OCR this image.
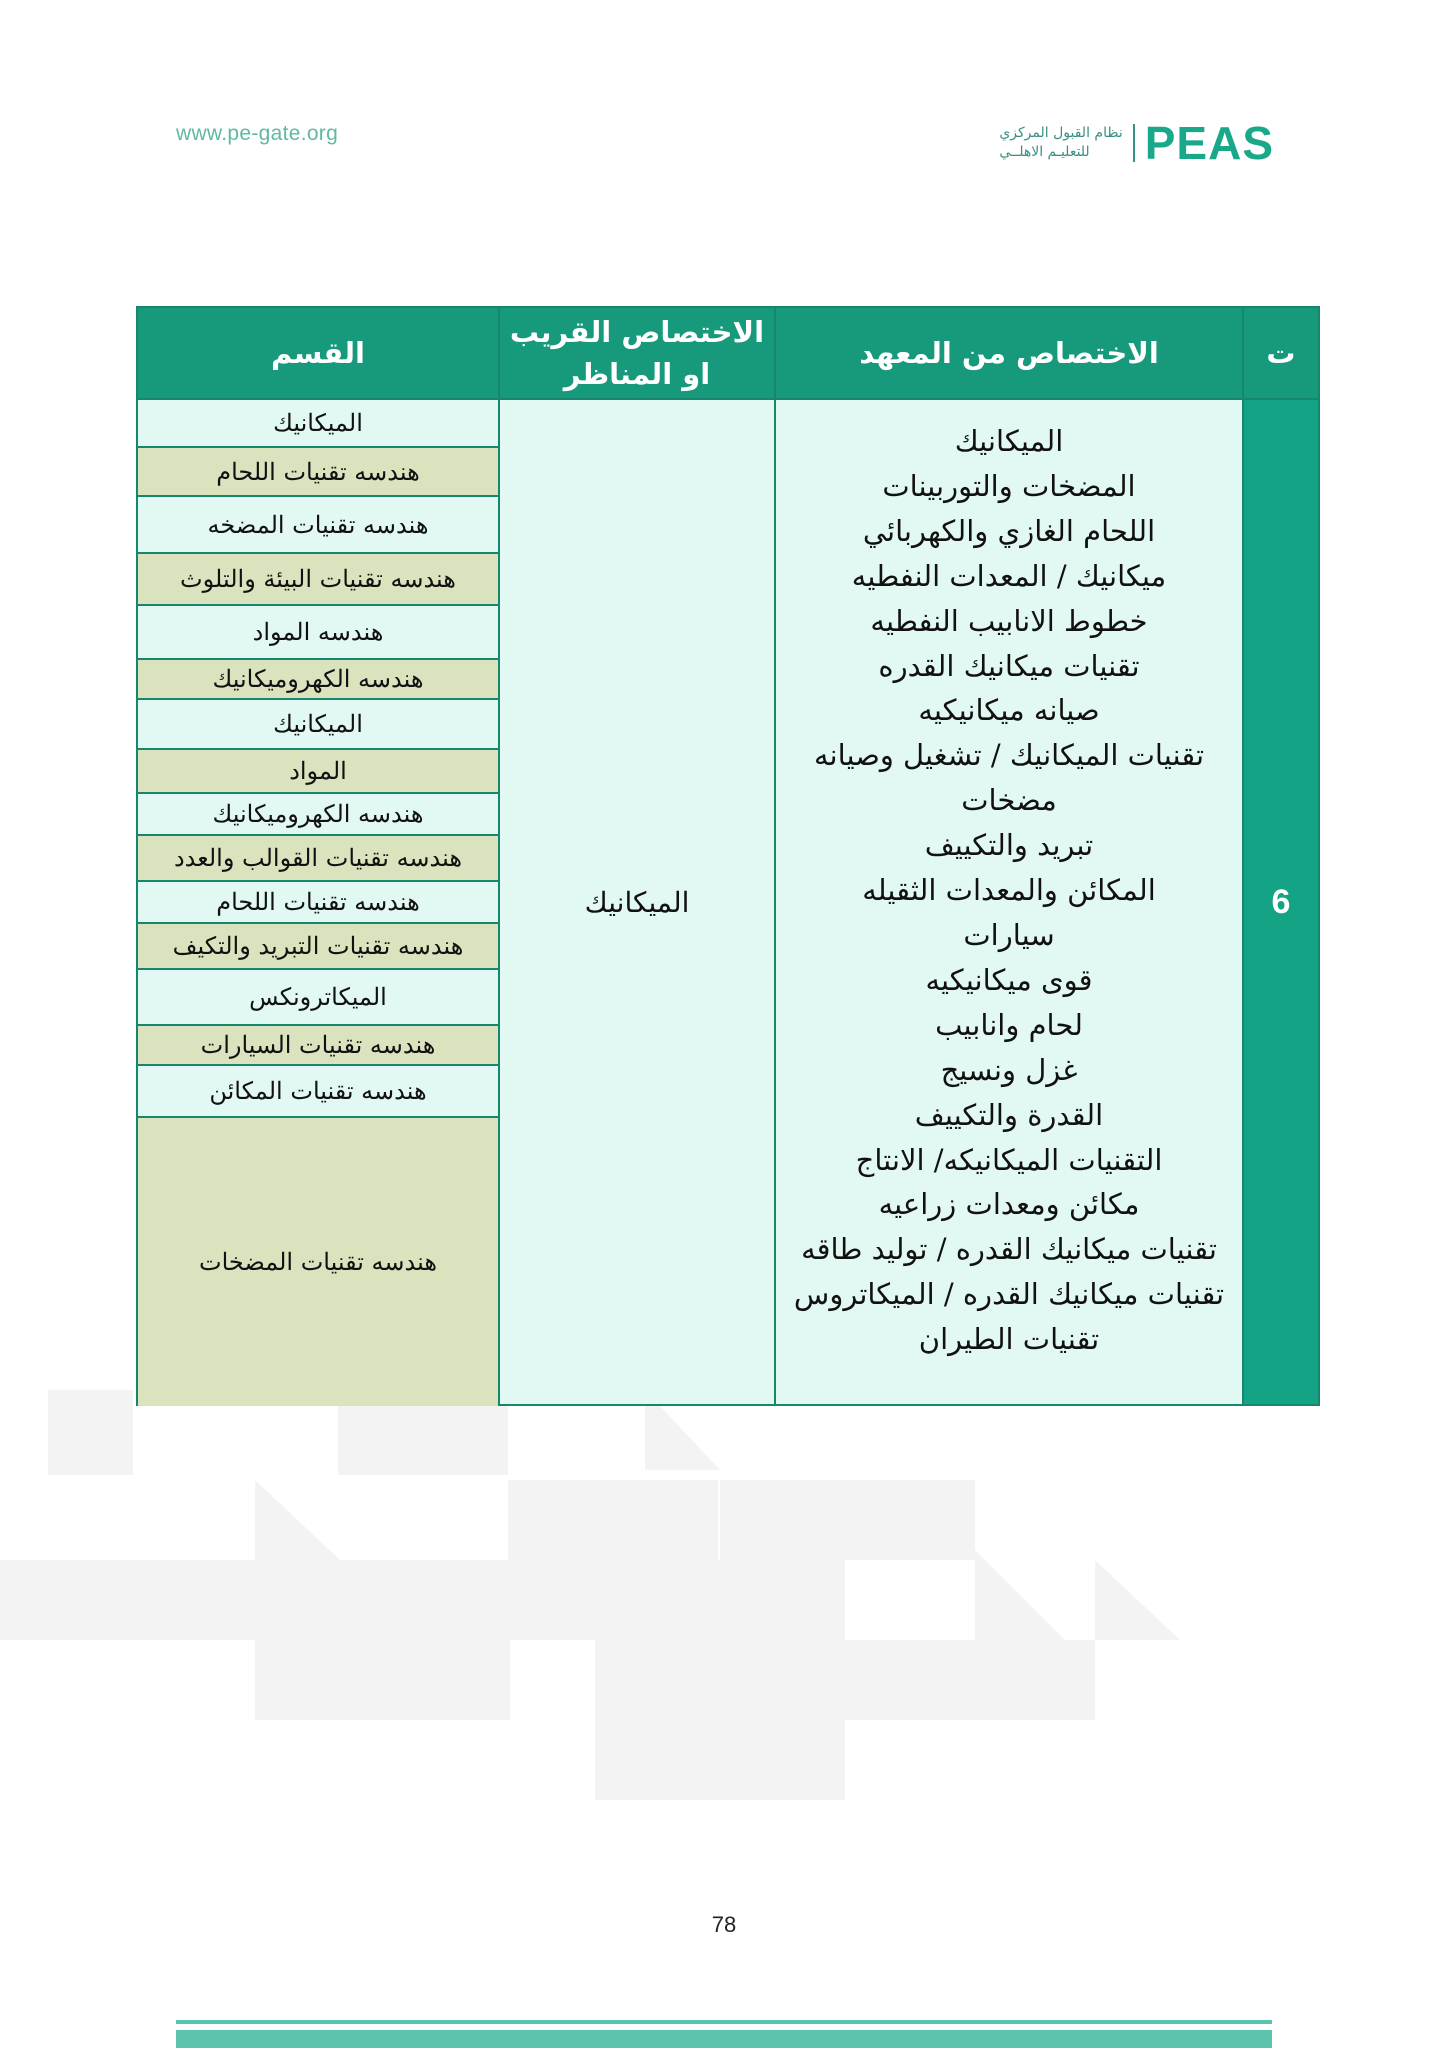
www.pe-gate.org	نظام القبول المركزي
للتعليـم الاهلــي PEAS
ت
6
الاختصاص من المعهد
الميكانيك
المضخات والتوربينات
اللحام الغازي والكهربائي
ميكانيك / المعدات النفطيه
خطوط الانابيب النفطيه
تقنيات ميكانيك القدره
صيانه ميكانيكيه
تقنيات الميكانيك / تشغيل وصيانه
مضخات
تبريد والتكييف
المكائن والمعدات الثقيله
سيارات
قوى ميكانيكيه
لحام وانابيب
غزل ونسيج
القدرة والتكييف
التقنيات الميكانيكه/ الانتاج
مكائن ومعدات زراعيه
تقنيات ميكانيك القدره / توليد طاقه
تقنيات ميكانيك القدره / الميكاتروس
تقنيات الطيران
الاختصاص القريب او المناظر
الميكانيك
القسم
الميكانيك
هندسه تقنيات اللحام
هندسه تقنيات المضخه
هندسه تقنيات البيئة والتلوث
هندسه المواد
هندسه الكهروميكانيك
الميكانيك
المواد
هندسه الكهروميكانيك
هندسه تقنيات القوالب والعدد
هندسه تقنيات اللحام
هندسه تقنيات التبريد والتكيف
الميكاترونكس
هندسه تقنيات السيارات
هندسه تقنيات المكائن
هندسه تقنيات المضخات
78
